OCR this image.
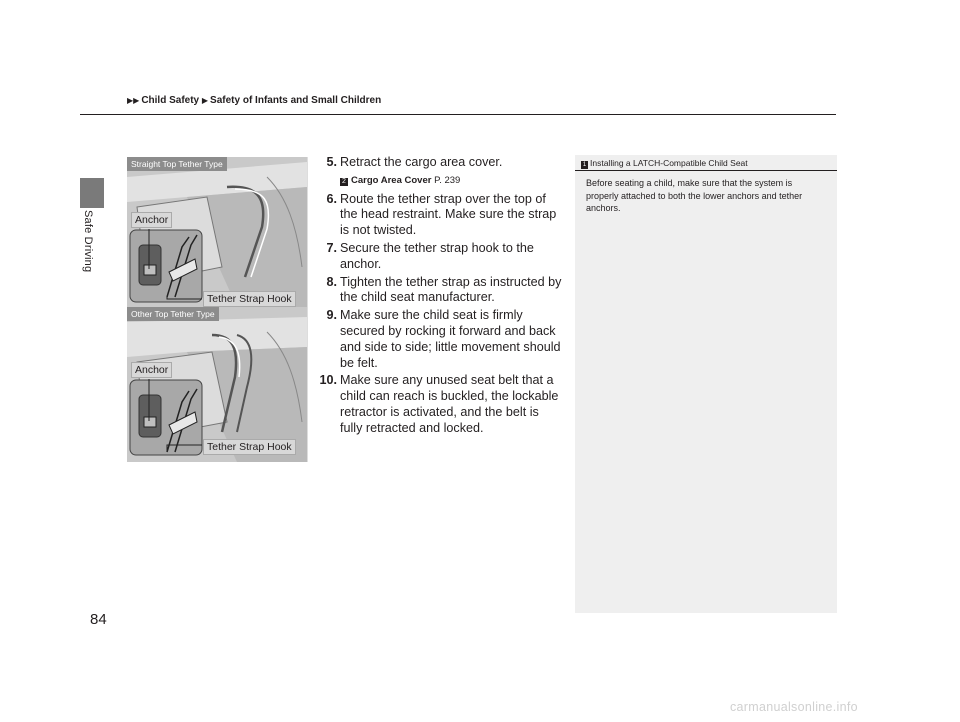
Safe Driving
▶▶ Child Safety ▶ Safety of Infants and Small Children
Straight Top Tether Type
Anchor
Tether Strap Hook
Other Top Tether Type
Anchor
Tether Strap Hook
5. Retract the cargo area cover.
2 Cargo Area Cover P. 239
6. Route the tether strap over the top of the head restraint. Make sure the strap is not twisted.
7. Secure the tether strap hook to the anchor.
8. Tighten the tether strap as instructed by the child seat manufacturer.
9. Make sure the child seat is firmly secured by rocking it forward and back and side to side; little movement should be felt.
10. Make sure any unused seat belt that a child can reach is buckled, the lockable retractor is activated, and the belt is fully retracted and locked.
1 Installing a LATCH-Compatible Child Seat
Before seating a child, make sure that the system is properly attached to both the lower anchors and tether anchors.
84
carmanualsonline.info
